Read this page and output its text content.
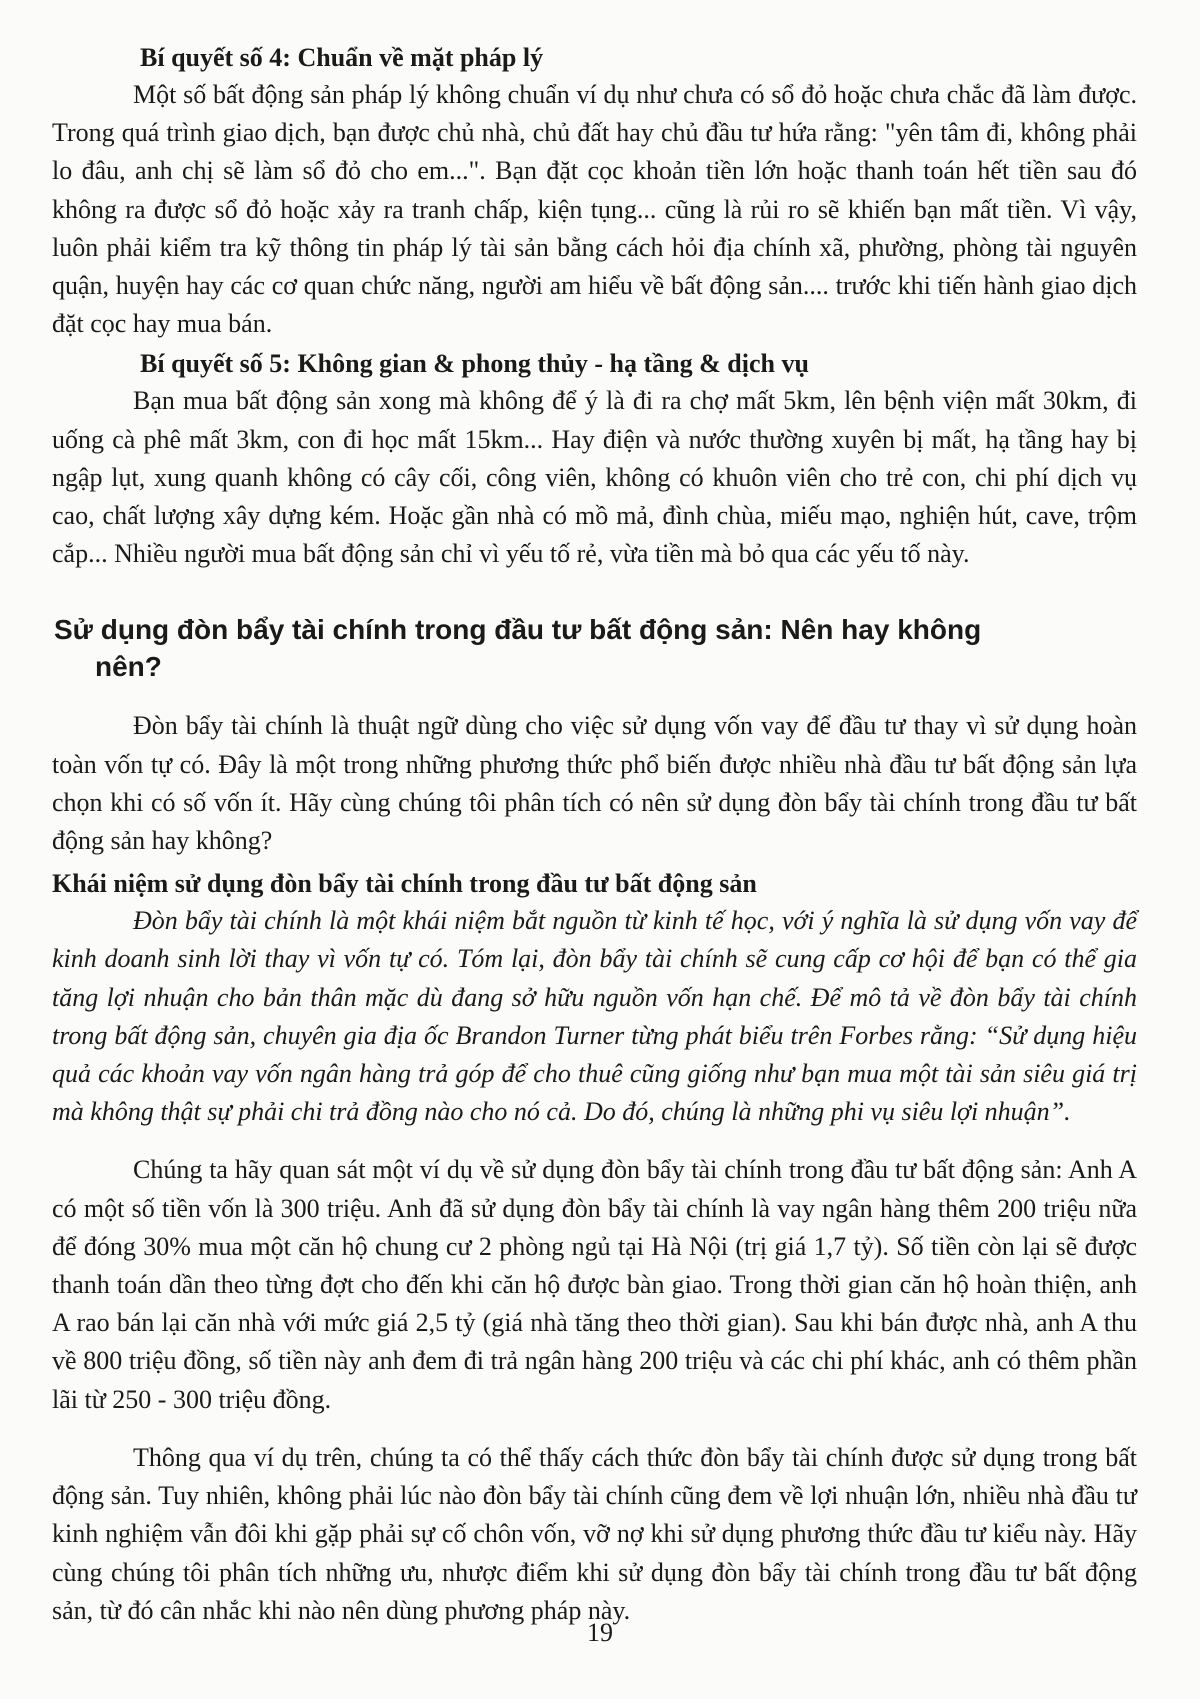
Bí quyết số 4: Chuẩn về mặt pháp lý

Một số bất động sản pháp lý không chuẩn ví dụ như chưa có sổ đỏ hoặc chưa chắc đã làm được. Trong quá trình giao dịch, bạn được chủ nhà, chủ đất hay chủ đầu tư hứa rằng: "yên tâm đi, không phải lo đâu, anh chị sẽ làm sổ đỏ cho em...". Bạn đặt cọc khoản tiền lớn hoặc thanh toán hết tiền sau đó không ra được sổ đỏ hoặc xảy ra tranh chấp, kiện tụng... cũng là rủi ro sẽ khiến bạn mất tiền. Vì vậy, luôn phải kiểm tra kỹ thông tin pháp lý tài sản bằng cách hỏi địa chính xã, phường, phòng tài nguyên quận, huyện hay các cơ quan chức năng, người am hiểu về bất động sản.... trước khi tiến hành giao dịch đặt cọc hay mua bán.

Bí quyết số 5: Không gian & phong thủy - hạ tầng & dịch vụ

Bạn mua bất động sản xong mà không để ý là đi ra chợ mất 5km, lên bệnh viện mất 30km, đi uống cà phê mất 3km, con đi học mất 15km... Hay điện và nước thường xuyên bị mất, hạ tầng hay bị ngập lụt, xung quanh không có cây cối, công viên, không có khuôn viên cho trẻ con, chi phí dịch vụ cao, chất lượng xây dựng kém. Hoặc gần nhà có mồ mả, đình chùa, miếu mạo, nghiện hút, cave, trộm cắp... Nhiều người mua bất động sản chỉ vì yếu tố rẻ, vừa tiền mà bỏ qua các yếu tố này.

Sử dụng đòn bẩy tài chính trong đầu tư bất động sản: Nên hay không
nên?

Đòn bẩy tài chính là thuật ngữ dùng cho việc sử dụng vốn vay để đầu tư thay vì sử dụng hoàn toàn vốn tự có. Đây là một trong những phương thức phổ biến được nhiều nhà đầu tư bất động sản lựa chọn khi có số vốn ít. Hãy cùng chúng tôi phân tích có nên sử dụng đòn bẩy tài chính trong đầu tư bất động sản hay không?

Khái niệm sử dụng đòn bẩy tài chính trong đầu tư bất động sản

Đòn bẩy tài chính là một khái niệm bắt nguồn từ kinh tế học, với ý nghĩa là sử dụng vốn vay để kinh doanh sinh lời thay vì vốn tự có. Tóm lại, đòn bẩy tài chính sẽ cung cấp cơ hội để bạn có thể gia tăng lợi nhuận cho bản thân mặc dù đang sở hữu nguồn vốn hạn chế. Để mô tả về đòn bẩy tài chính trong bất động sản, chuyên gia địa ốc Brandon Turner từng phát biểu trên Forbes rằng: “Sử dụng hiệu quả các khoản vay vốn ngân hàng trả góp để cho thuê cũng giống như bạn mua một tài sản siêu giá trị mà không thật sự phải chi trả đồng nào cho nó cả. Do đó, chúng là những phi vụ siêu lợi nhuận”.

Chúng ta hãy quan sát một ví dụ về sử dụng đòn bẩy tài chính trong đầu tư bất động sản: Anh A có một số tiền vốn là 300 triệu. Anh đã sử dụng đòn bẩy tài chính là vay ngân hàng thêm 200 triệu nữa để đóng 30% mua một căn hộ chung cư 2 phòng ngủ tại Hà Nội (trị giá 1,7 tỷ). Số tiền còn lại sẽ được thanh toán dần theo từng đợt cho đến khi căn hộ được bàn giao. Trong thời gian căn hộ hoàn thiện, anh A rao bán lại căn nhà với mức giá 2,5 tỷ (giá nhà tăng theo thời gian). Sau khi bán được nhà, anh A thu về 800 triệu đồng, số tiền này anh đem đi trả ngân hàng 200 triệu và các chi phí khác, anh có thêm phần lãi từ 250 - 300 triệu đồng.

Thông qua ví dụ trên, chúng ta có thể thấy cách thức đòn bẩy tài chính được sử dụng trong bất động sản. Tuy nhiên, không phải lúc nào đòn bẩy tài chính cũng đem về lợi nhuận lớn, nhiều nhà đầu tư kinh nghiệm vẫn đôi khi gặp phải sự cố chôn vốn, vỡ nợ khi sử dụng phương thức đầu tư kiểu này. Hãy cùng chúng tôi phân tích những ưu, nhược điểm khi sử dụng đòn bẩy tài chính trong đầu tư bất động sản, từ đó cân nhắc khi nào nên dùng phương pháp này.

19
